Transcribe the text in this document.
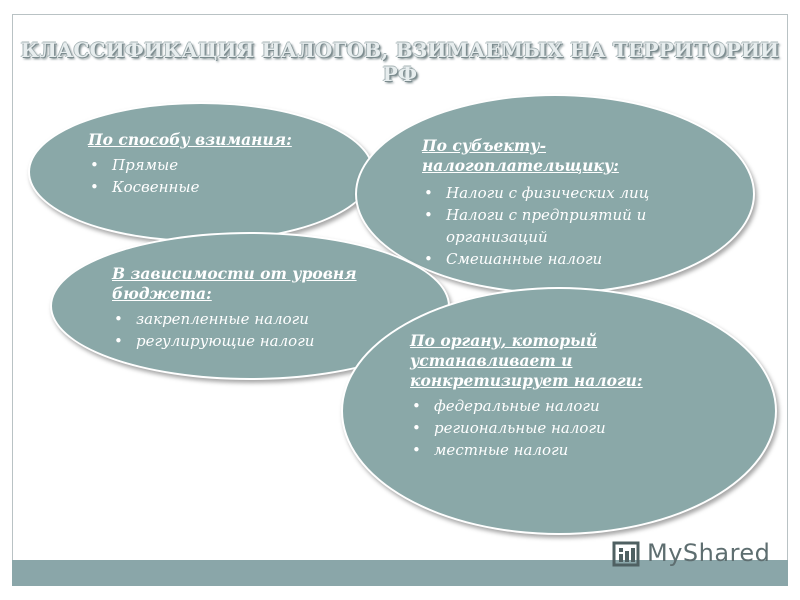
КЛАССИФИКАЦИЯ НАЛОГОВ, ВЗИМАЕМЫХ НА ТЕРРИТОРИИ РФ
По способу взимания:
• Прямые
• Косвенные
По субъекту-налогоплательщику:
• Налоги с физических лиц
• Налоги с предприятий и организаций
• Смешанные налоги
В зависимости от уровня бюджета:
• закрепленные налоги
• регулирующие налоги	По органу, который устанавливает и конкретизирует налоги:
• федеральные налоги
• региональные налоги
• местные налоги
MyShared
